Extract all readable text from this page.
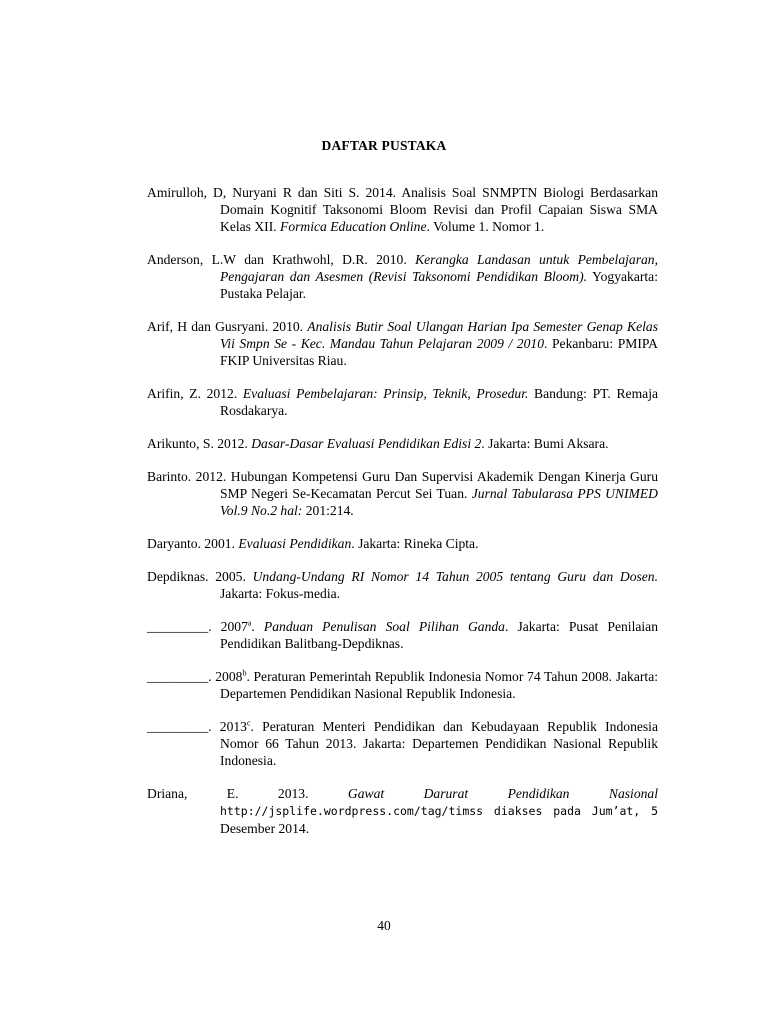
DAFTAR PUSTAKA

Amirulloh, D, Nuryani R dan Siti S. 2014. Analisis Soal SNMPTN Biologi Berdasarkan Domain Kognitif Taksonomi Bloom Revisi dan Profil Capaian Siswa SMA Kelas XII. Formica Education Online. Volume 1. Nomor 1.

Anderson, L.W dan Krathwohl, D.R. 2010. Kerangka Landasan untuk Pembelajaran, Pengajaran dan Asesmen (Revisi Taksonomi Pendidikan Bloom). Yogyakarta: Pustaka Pelajar.

Arif, H dan Gusryani. 2010. Analisis Butir Soal Ulangan Harian Ipa Semester Genap Kelas Vii Smpn Se - Kec. Mandau Tahun Pelajaran 2009 / 2010. Pekanbaru: PMIPA FKIP Universitas Riau.

Arifin, Z. 2012. Evaluasi Pembelajaran: Prinsip, Teknik, Prosedur. Bandung: PT. Remaja Rosdakarya.

Arikunto, S. 2012. Dasar-Dasar Evaluasi Pendidikan Edisi 2. Jakarta: Bumi Aksara.

Barinto. 2012. Hubungan Kompetensi Guru Dan Supervisi Akademik Dengan Kinerja Guru SMP Negeri Se-Kecamatan Percut Sei Tuan. Jurnal Tabularasa PPS UNIMED Vol.9 No.2 hal: 201:214.

Daryanto. 2001. Evaluasi Pendidikan. Jakarta: Rineka Cipta.

Depdiknas. 2005. Undang-Undang RI Nomor 14 Tahun 2005 tentang Guru dan Dosen. Jakarta: Fokus-media.

_________. 2007$^a$. Panduan Penulisan Soal Pilihan Ganda. Jakarta: Pusat Penilaian Pendidikan Balitbang-Depdiknas.

_________. 2008$^b$. Peraturan Pemerintah Republik Indonesia Nomor 74 Tahun 2008. Jakarta: Departemen Pendidikan Nasional Republik Indonesia.

_________. 2013$^c$. Peraturan Menteri Pendidikan dan Kebudayaan Republik Indonesia Nomor 66 Tahun 2013. Jakarta: Departemen Pendidikan Nasional Republik Indonesia.

Driana, E. 2013. Gawat Darurat Pendidikan Nasional http://jsplife.wordpress.com/tag/timss diakses pada Jum’at, 5 Desember 2014.

40
